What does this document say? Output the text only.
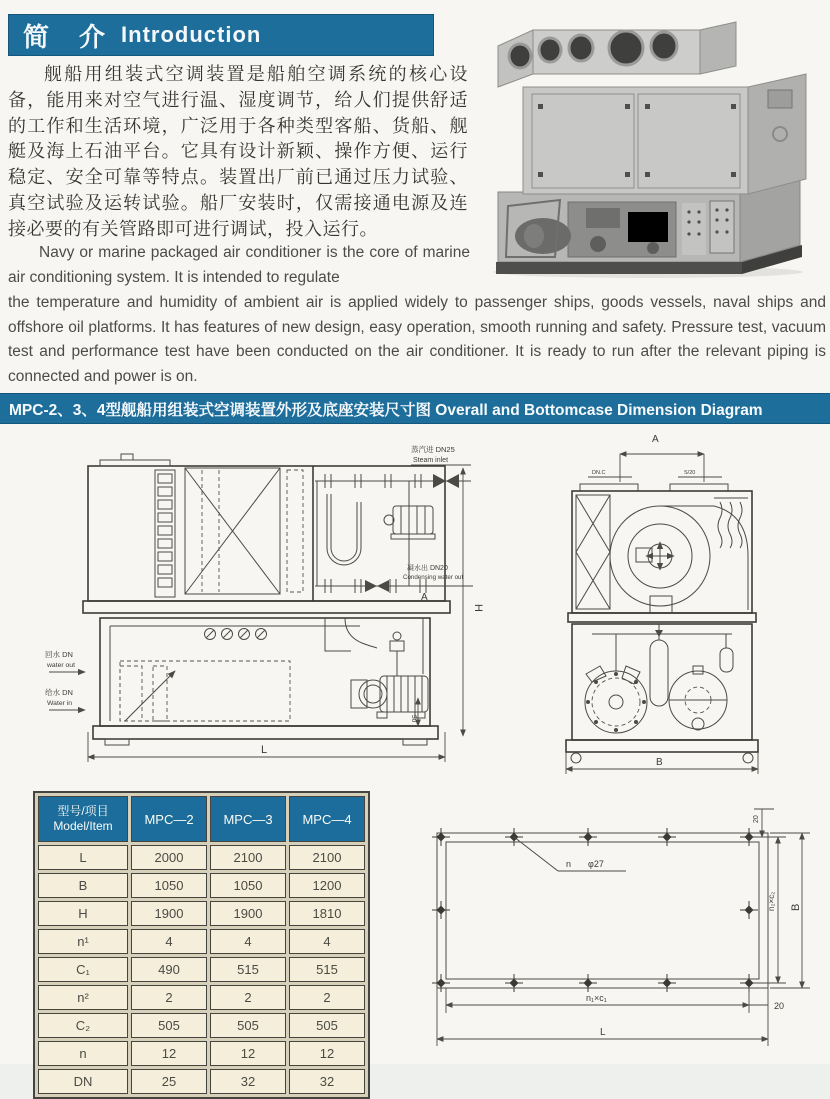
简　介 Introduction

舰船用组装式空调装置是船舶空调系统的核心设备，能用来对空气进行温、湿度调节，给人们提供舒适的工作和生活环境，广泛用于各种类型客船、货船、舰艇及海上石油平台。它具有设计新颖、操作方便、运行稳定、安全可靠等特点。装置出厂前已通过压力试验、真空试验及运转试验。船厂安装时，仅需接通电源及连接必要的有关管路即可进行调试，投入运行。

Navy or marine packaged air conditioner is the core of marine air conditioning system. It is intended to regulate

the temperature and humidity of ambient air is applied widely to passenger ships, goods vessels, naval ships and offshore oil platforms. It has features of new design, easy operation, smooth running and safety. Pressure test, vacuum test and performance test have been conducted on the air conditioner. It is ready to run after the relevant piping is connected and power is on.

MPC-2、3、4型舰船用组装式空调装置外形及底座安装尺寸图 Overall and Bottomcase Dimension Diagram
蒸汽进 DN25
Steam inlet
凝水出 DN20
Condensing water out
A
H
L
50
回水 DN
water out
给水 DN
Water in
A
DN.C	S/20
B
型号/项目
Model/Item	MPC—2	MPC—3	MPC—4
L	2000	2100	2100
B	1050	1050	1200
H	1900	1900	1810
n¹	4	4	4
C₁	490	515	515
n²	2	2	2
C₂	505	505	505
n	12	12	12
DN	25	32	32
n φ27
20
n₂×c₂ B
n₁×c₁
20
L
